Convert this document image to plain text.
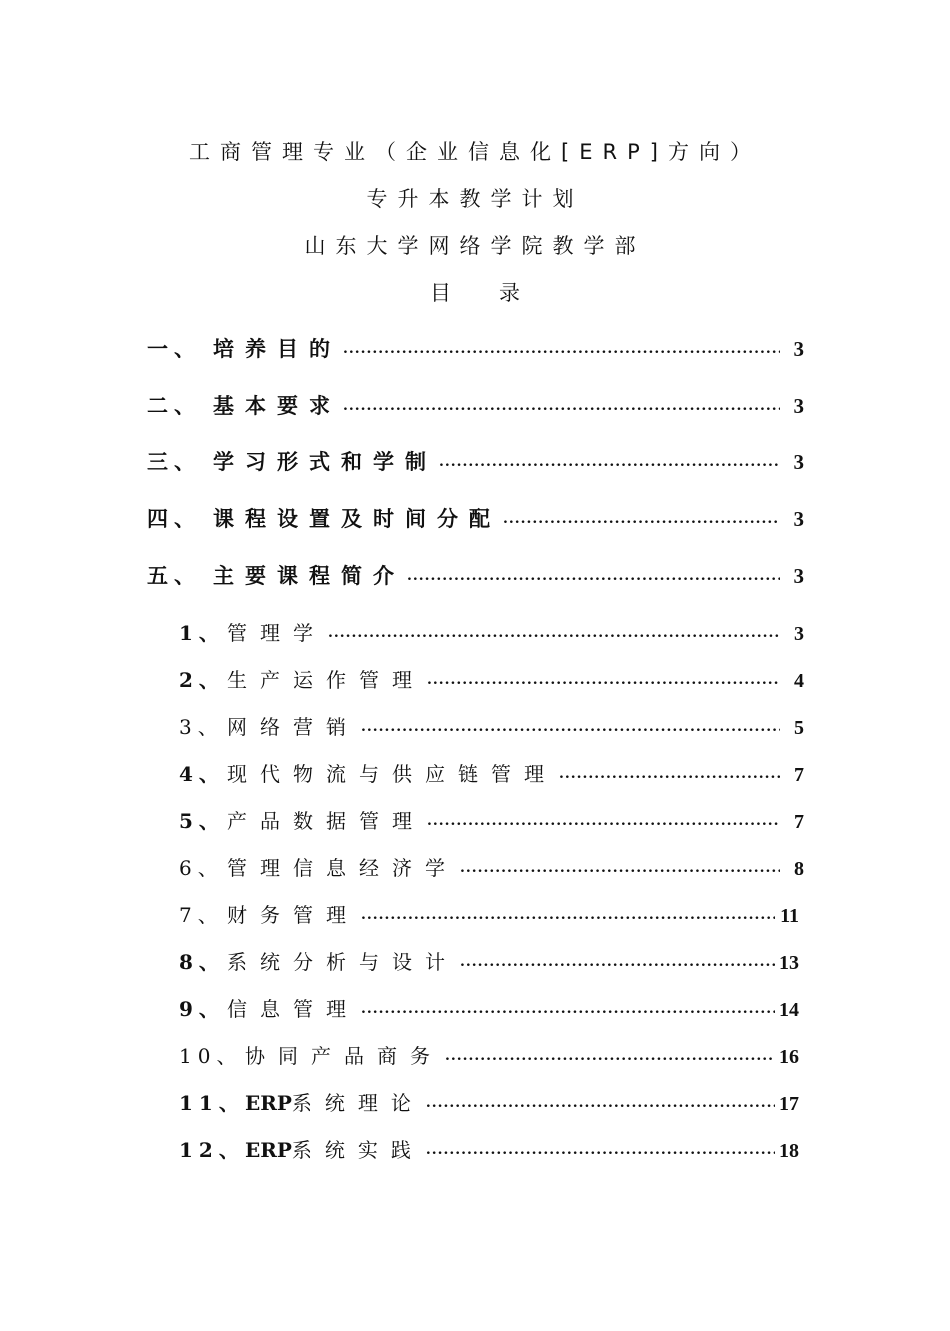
工商管理专业（企业信息化[ERP]方向）
专升本教学计划
山东大学网络学院教学部
目录
一、 培养目的 .....	3
二、 基本要求 .....	3
三、 学习形式和学制 .....	3
四、 课程设置及时间分配 .....	3
五、 主要课程简介 .....	3
1、 管理学 .....	3
2、 生产运作管理 .....	4
3、 网络营销 .....	5
4、 现代物流与供应链管理 .....	7
5、 产品数据管理 .....	7
6、 管理信息经济学 .....	8
7、 财务管理 .....	11
8、 系统分析与设计 .....	13
9、 信息管理 .....	14
10、 协同产品商务 .....	16
11、 ERP系统理论 .....	17
12、 ERP系统实践 .....	18
